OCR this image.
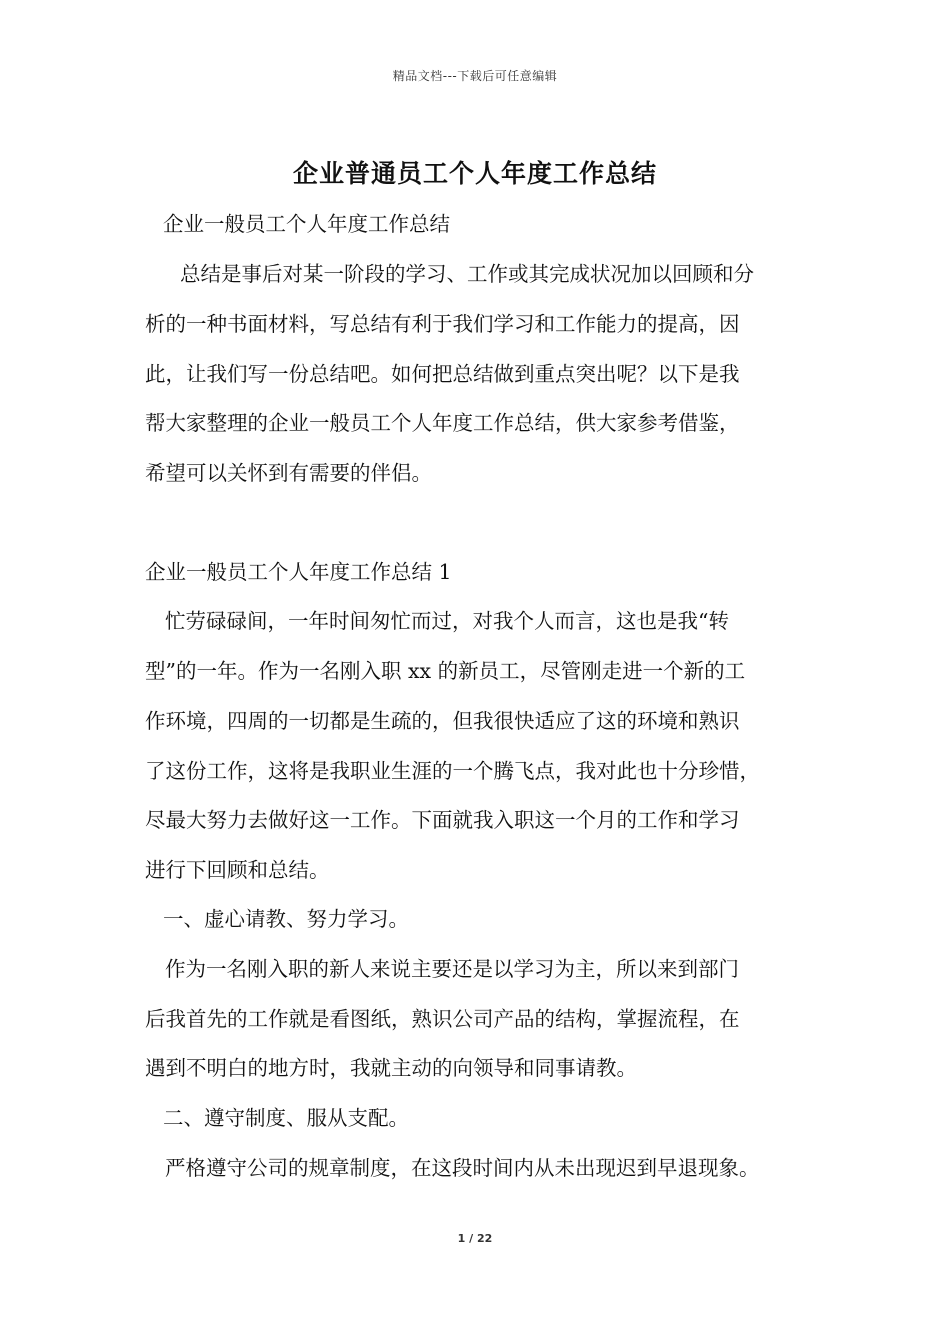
精品文档---下载后可任意编辑
企业普通员工个人年度工作总结
企业一般员工个人年度工作总结
总结是事后对某一阶段的学习、工作或其完成状况加以回顾和分
析的一种书面材料，写总结有利于我们学习和工作能力的提高，因
此，让我们写一份总结吧。如何把总结做到重点突出呢？以下是我
帮大家整理的企业一般员工个人年度工作总结，供大家参考借鉴，
希望可以关怀到有需要的伴侣。
企业一般员工个人年度工作总结 1
忙劳碌碌间，一年时间匆忙而过，对我个人而言，这也是我“转
型”的一年。作为一名刚入职 xx 的新员工，尽管刚走进一个新的工
作环境，四周的一切都是生疏的，但我很快适应了这的环境和熟识
了这份工作，这将是我职业生涯的一个腾飞点，我对此也十分珍惜，
尽最大努力去做好这一工作。下面就我入职这一个月的工作和学习
进行下回顾和总结。
一、虚心请教、努力学习。
作为一名刚入职的新人来说主要还是以学习为主，所以来到部门
后我首先的工作就是看图纸，熟识公司产品的结构，掌握流程，在
遇到不明白的地方时，我就主动的向领导和同事请教。
二、遵守制度、服从支配。
严格遵守公司的规章制度，在这段时间内从未出现迟到早退现象。
1 / 22
